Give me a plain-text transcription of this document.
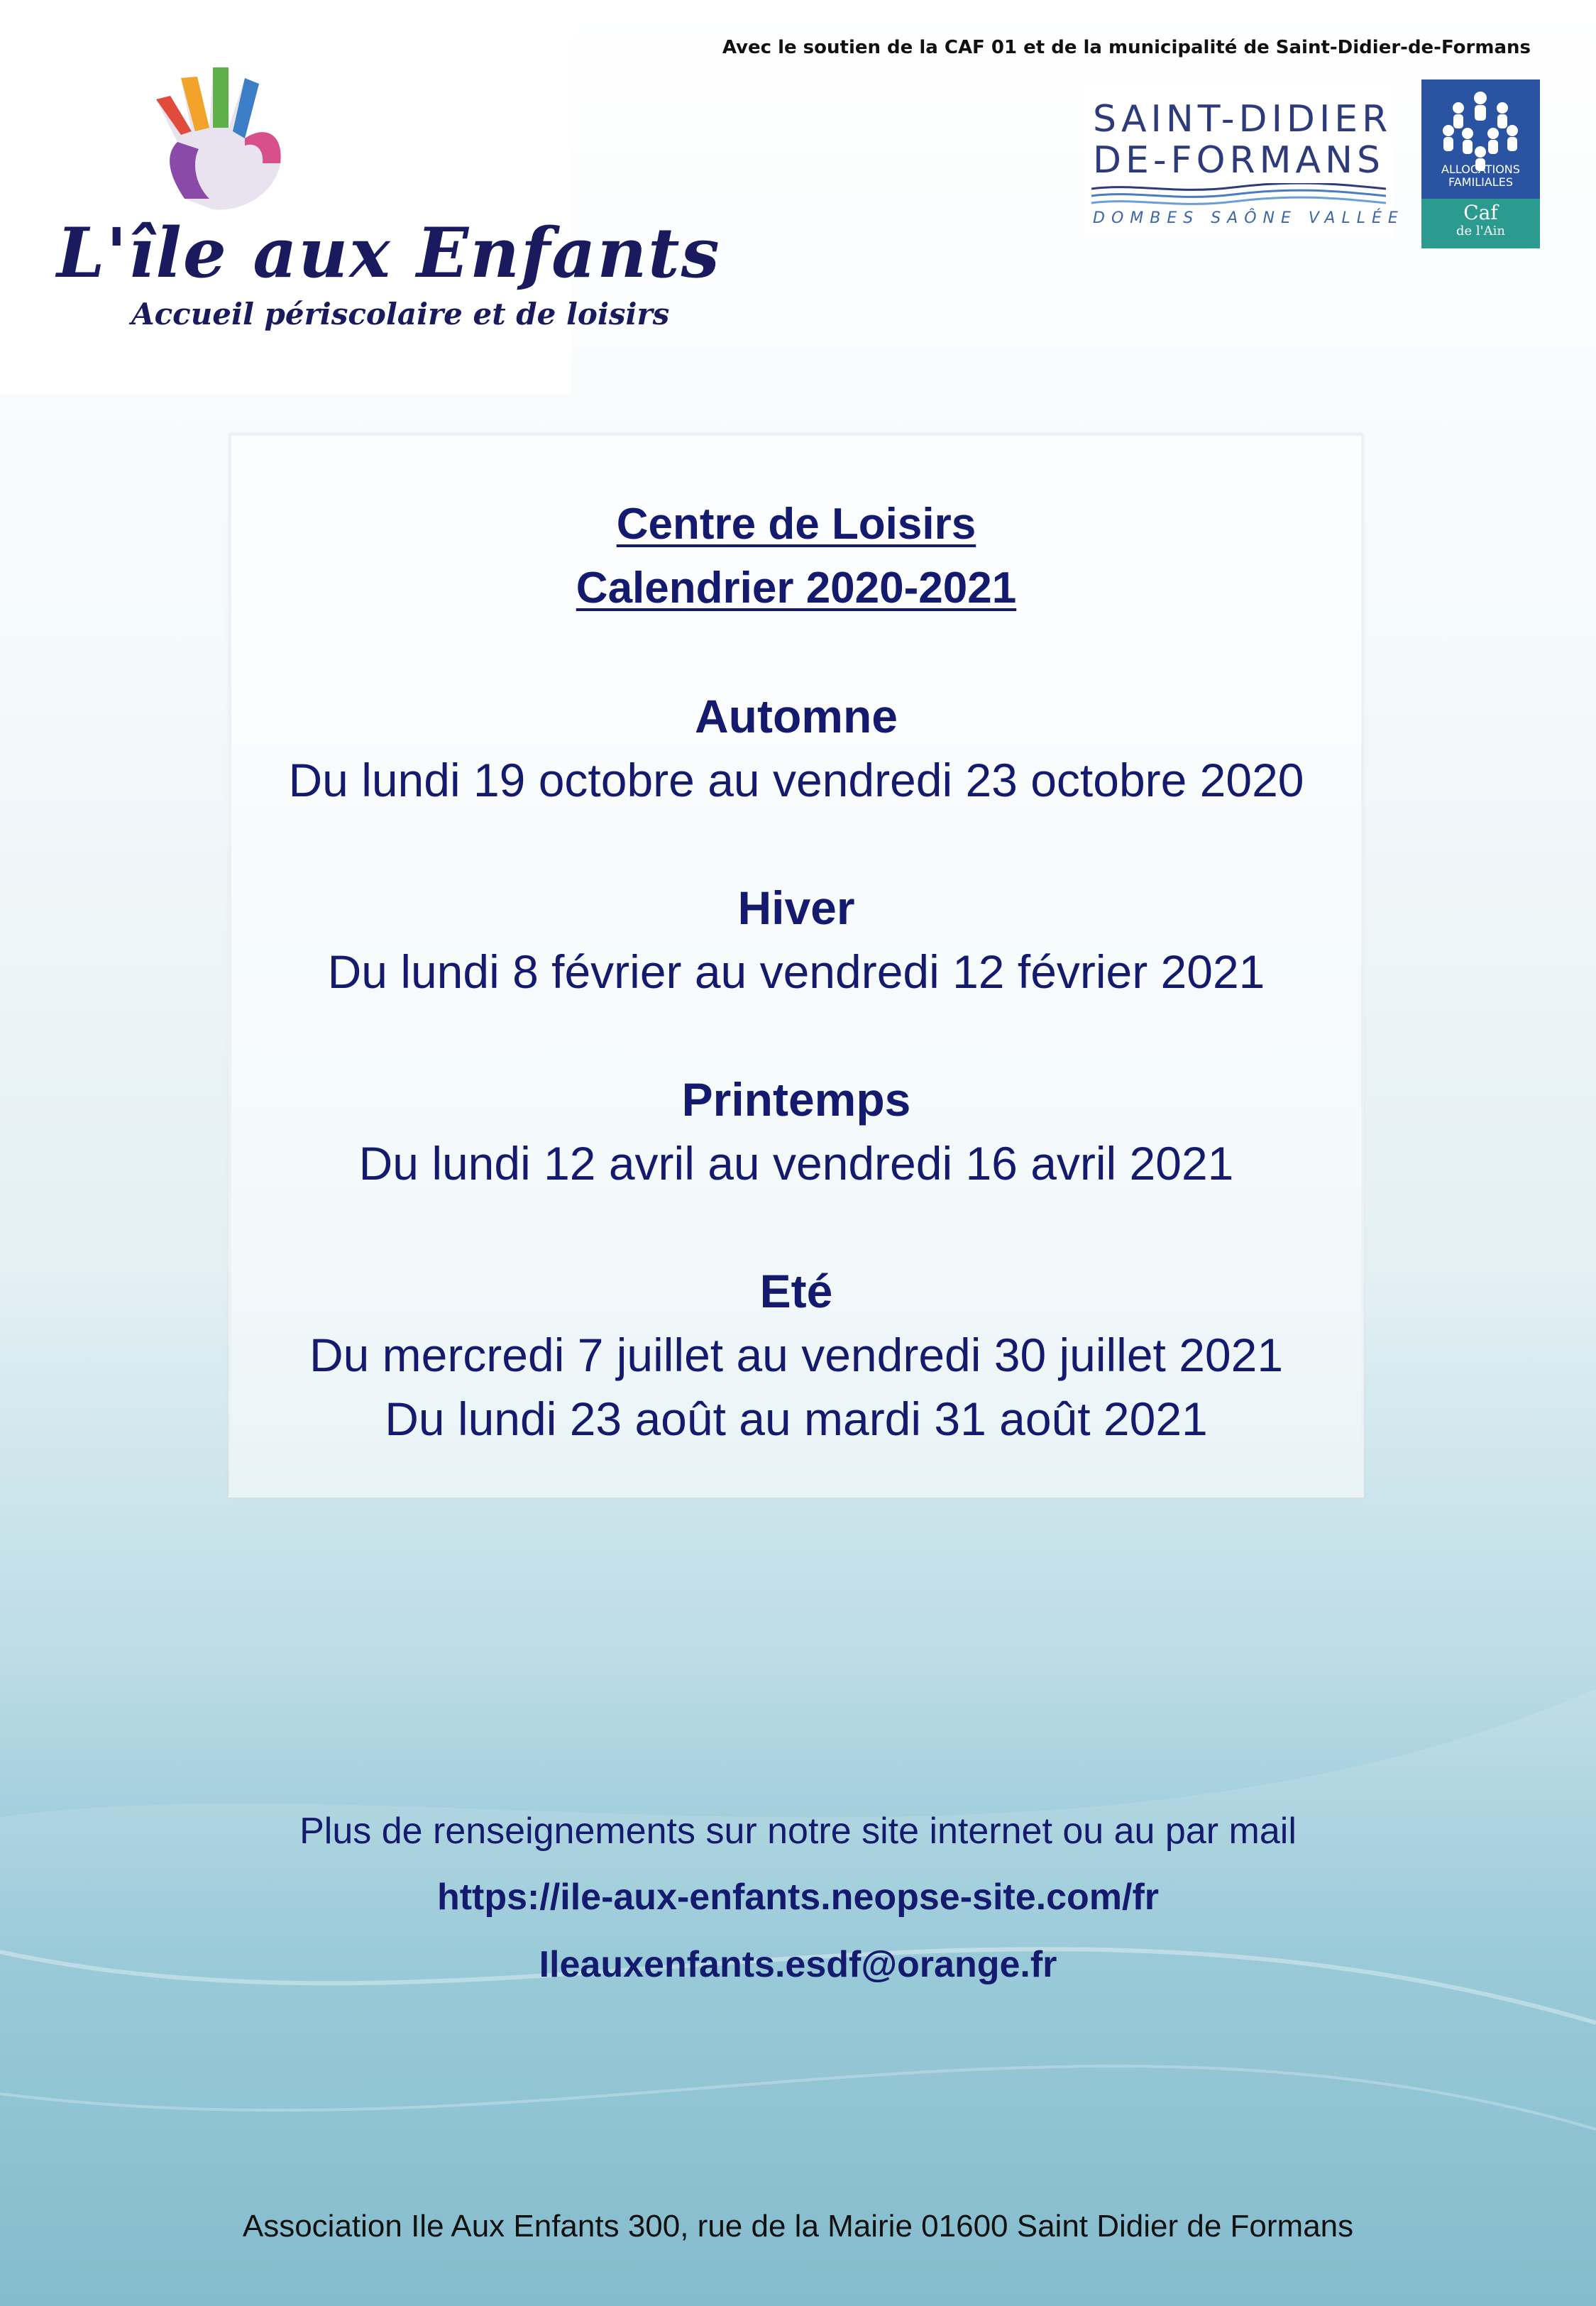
L'île aux Enfants
Accueil périscolaire et de loisirs
Avec le soutien de la CAF 01 et de la municipalité de Saint-Didier-de-Formans
SAINT-DIDIER
DE-FORMANS
DOMBES SAÔNE VALLÉE
ALLOCATIONS
FAMILIALES
Caf
de l'Ain
Centre de Loisirs
Calendrier 2020-2021
Automne
Du lundi 19 octobre au vendredi 23 octobre 2020
Hiver
Du lundi 8 février au vendredi 12 février 2021
Printemps
Du lundi 12 avril au vendredi 16 avril 2021
Eté
Du mercredi 7 juillet au vendredi 30 juillet 2021
Du lundi 23 août au mardi 31 août 2021
Plus de renseignements sur notre site internet ou au par mail
https://ile-aux-enfants.neopse-site.com/fr
Ileauxenfants.esdf@orange.fr
Association Ile Aux Enfants 300, rue de la Mairie 01600 Saint Didier de Formans
